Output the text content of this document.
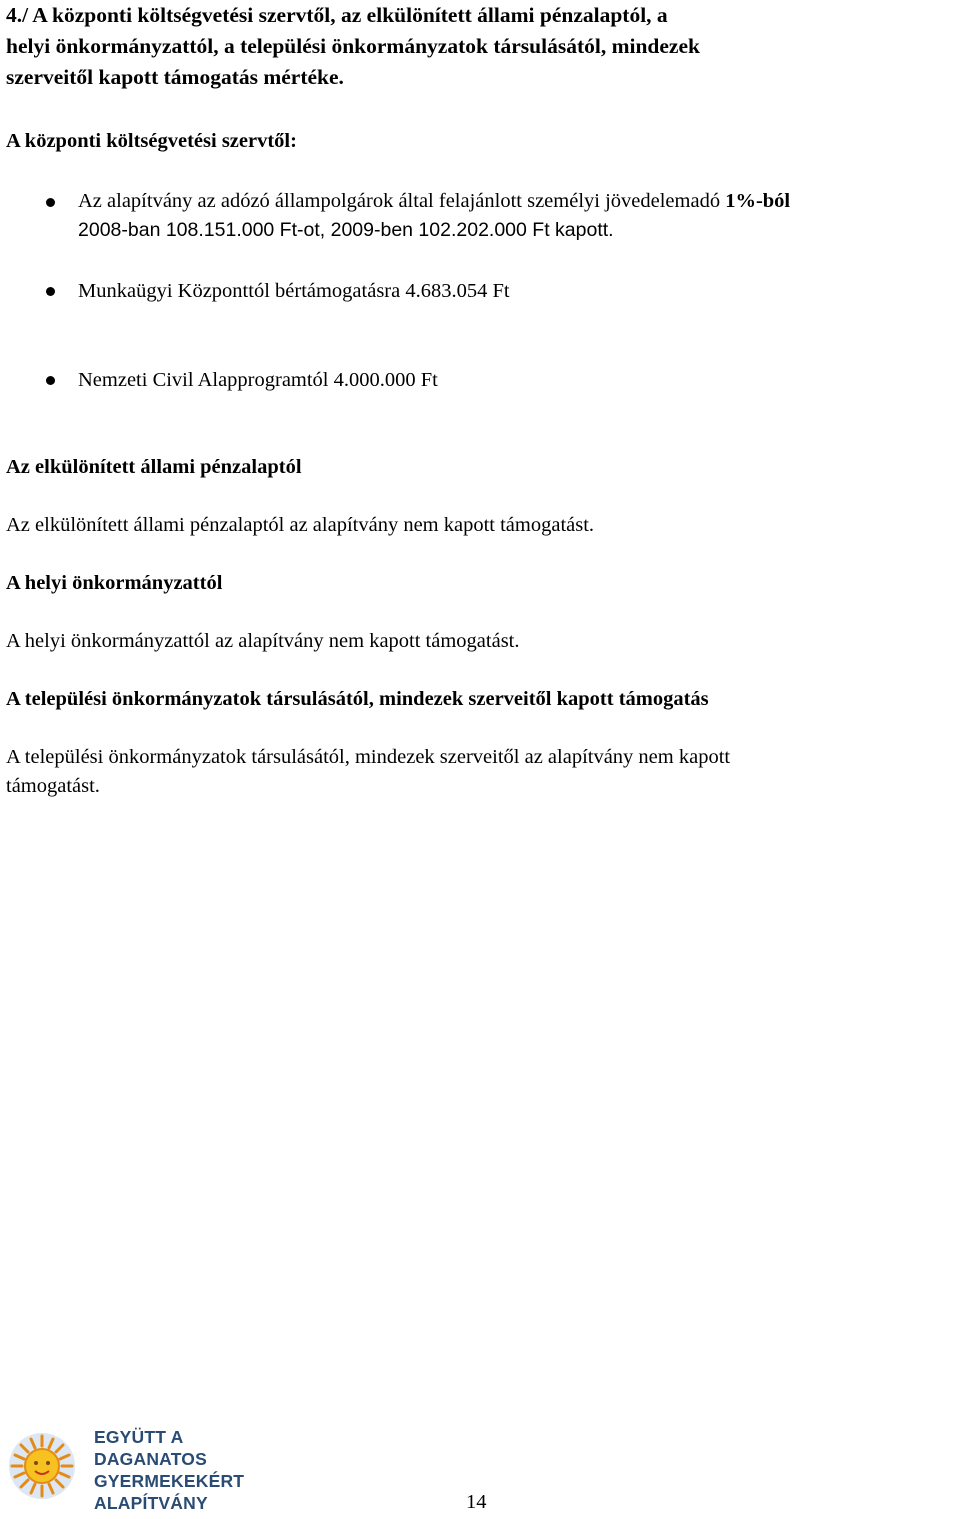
4./ A központi költségvetési szervtől, az elkülönített állami pénzalaptól, a
helyi önkormányzattól, a települési önkormányzatok társulásától, mindezek
szerveitől kapott támogatás mértéke.
A központi költségvetési szervtől:
Az alapítvány az adózó állampolgárok által felajánlott személyi jövedelemadó 1%-ból
2008-ban 108.151.000 Ft-ot, 2009-ben 102.202.000 Ft kapott.
Munkaügyi Központtól bértámogatásra 4.683.054 Ft
Nemzeti Civil Alapprogramtól 4.000.000 Ft
Az elkülönített állami pénzalaptól
Az elkülönített állami pénzalaptól az alapítvány nem kapott támogatást.
A helyi önkormányzattól
A helyi önkormányzattól az alapítvány nem kapott támogatást.
A települési önkormányzatok társulásától, mindezek szerveitől kapott támogatás
A települési önkormányzatok társulásától, mindezek szerveitől az alapítvány nem kapott
támogatást.
EGYÜTT A
DAGANATOS
GYERMEKEKÉRT
ALAPÍTVÁNY	14
